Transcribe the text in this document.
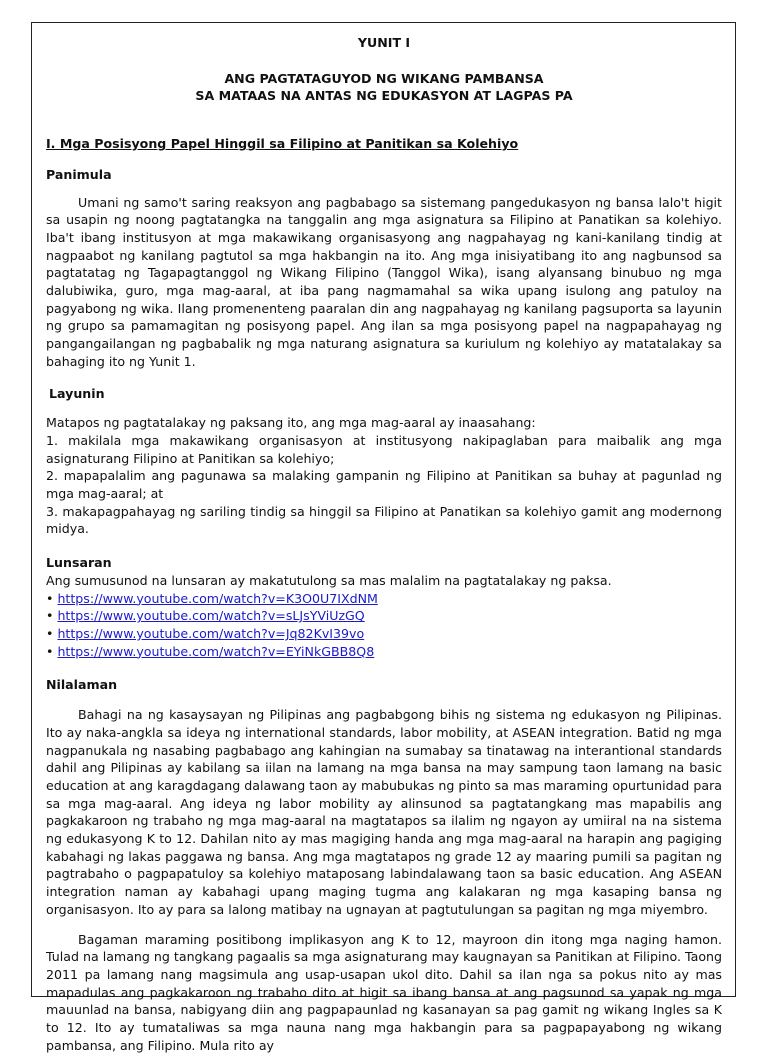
YUNIT I

ANG PAGTATAGUYOD NG WIKANG PAMBANSA

SA MATAAS NA ANTAS NG EDUKASYON AT LAGPAS PA

I. Mga Posisyong Papel Hinggil sa Filipino at Panitikan sa Kolehiyo

Panimula

Umani ng samo't saring reaksyon ang pagbabago sa sistemang pangedukasyon ng bansa lalo't higit sa usapin ng noong pagtatangka na tanggalin ang mga asignatura sa Filipino at Panatikan sa kolehiyo. Iba't ibang institusyon at mga makawikang organisasyong ang nagpahayag ng kani-kanilang tindig at nagpaabot ng kanilang pagtutol sa mga hakbangin na ito. Ang mga inisiyatibang ito ang nagbunsod sa pagtatatag ng Tagapagtanggol ng Wikang Filipino (Tanggol Wika), isang alyansang binubuo ng mga dalubiwika, guro, mga mag-aaral, at iba pang nagmamahal sa wika upang isulong ang patuloy na pagyabong ng wika. Ilang promenenteng paaralan din ang nagpahayag ng kanilang pagsuporta sa layunin ng grupo sa pamamagitan ng posisyong papel. Ang ilan sa mga posisyong papel na nagpapahayag ng pangangailangan ng pagbabalik ng mga naturang asignatura sa kuriulum ng kolehiyo ay matatalakay sa bahaging ito ng Yunit 1.

Layunin

Matapos ng pagtatalakay ng paksang ito, ang mga mag-aaral ay inaasahang:

1. makilala mga makawikang organisasyon at institusyong nakipaglaban para maibalik ang mga asignaturang Filipino at Panitikan sa kolehiyo;

2. mapapalalim ang pagunawa sa malaking gampanin ng Filipino at Panitikan sa buhay at pagunlad ng mga mag-aaral; at

3. makapagpahayag ng sariling tindig sa hinggil sa Filipino at Panatikan sa kolehiyo gamit ang modernong midya.

Lunsaran

Ang sumusunod na lunsaran ay makatutulong sa mas malalim na pagtatalakay ng paksa.

• https://www.youtube.com/watch?v=K3O0U7IXdNM

• https://www.youtube.com/watch?v=sLJsYViUzGQ

• https://www.youtube.com/watch?v=Jq82KvI39vo

• https://www.youtube.com/watch?v=EYiNkGBB8Q8

Nilalaman

Bahagi na ng kasaysayan ng Pilipinas ang pagbabgong bihis ng sistema ng edukasyon ng Pilipinas. Ito ay naka-angkla sa ideya ng international standards, labor mobility, at ASEAN integration. Batid ng mga nagpanukala ng nasabing pagbabago ang kahingian na sumabay sa tinatawag na interantional standards dahil ang Pilipinas ay kabilang sa iilan na lamang na mga bansa na may sampung taon lamang na basic education at ang karagdagang dalawang taon ay mabubukas ng pinto sa mas maraming opurtunidad para sa mga mag-aaral. Ang ideya ng labor mobility ay alinsunod sa pagtatangkang mas mapabilis ang pagkakaroon ng trabaho ng mga mag-aaral na magtatapos sa ilalim ng ngayon ay umiiral na na sistema ng edukasyong K to 12. Dahilan nito ay mas magiging handa ang mga mag-aaral na harapin ang pagiging kabahagi ng lakas paggawa ng bansa. Ang mga magtatapos ng grade 12 ay maaring pumili sa pagitan ng pagtrabaho o pagpapatuloy sa kolehiyo mataposang labindalawang taon sa basic education. Ang ASEAN integration naman ay kabahagi upang maging tugma ang kalakaran ng mga kasaping bansa ng organisasyon. Ito ay para sa lalong matibay na ugnayan at pagtutulungan sa pagitan ng mga miyembro.

Bagaman maraming positibong implikasyon ang K to 12, mayroon din itong mga naging hamon. Tulad na lamang ng tangkang pagaalis sa mga asignaturang may kaugnayan sa Panitikan at Filipino. Taong 2011 pa lamang nang magsimula ang usap-usapan ukol dito. Dahil sa ilan nga sa pokus nito ay mas mapadulas ang pagkakaroon ng trabaho dito at higit sa ibang bansa at ang pagsunod sa yapak ng mga mauunlad na bansa, nabigyang diin ang pagpapaunlad ng kasanayan sa pag gamit ng wikang Ingles sa K to 12. Ito ay tumataliwas sa mga nauna nang mga hakbangin para sa pagpapayabong ng wikang pambansa, ang Filipino. Mula rito ay
